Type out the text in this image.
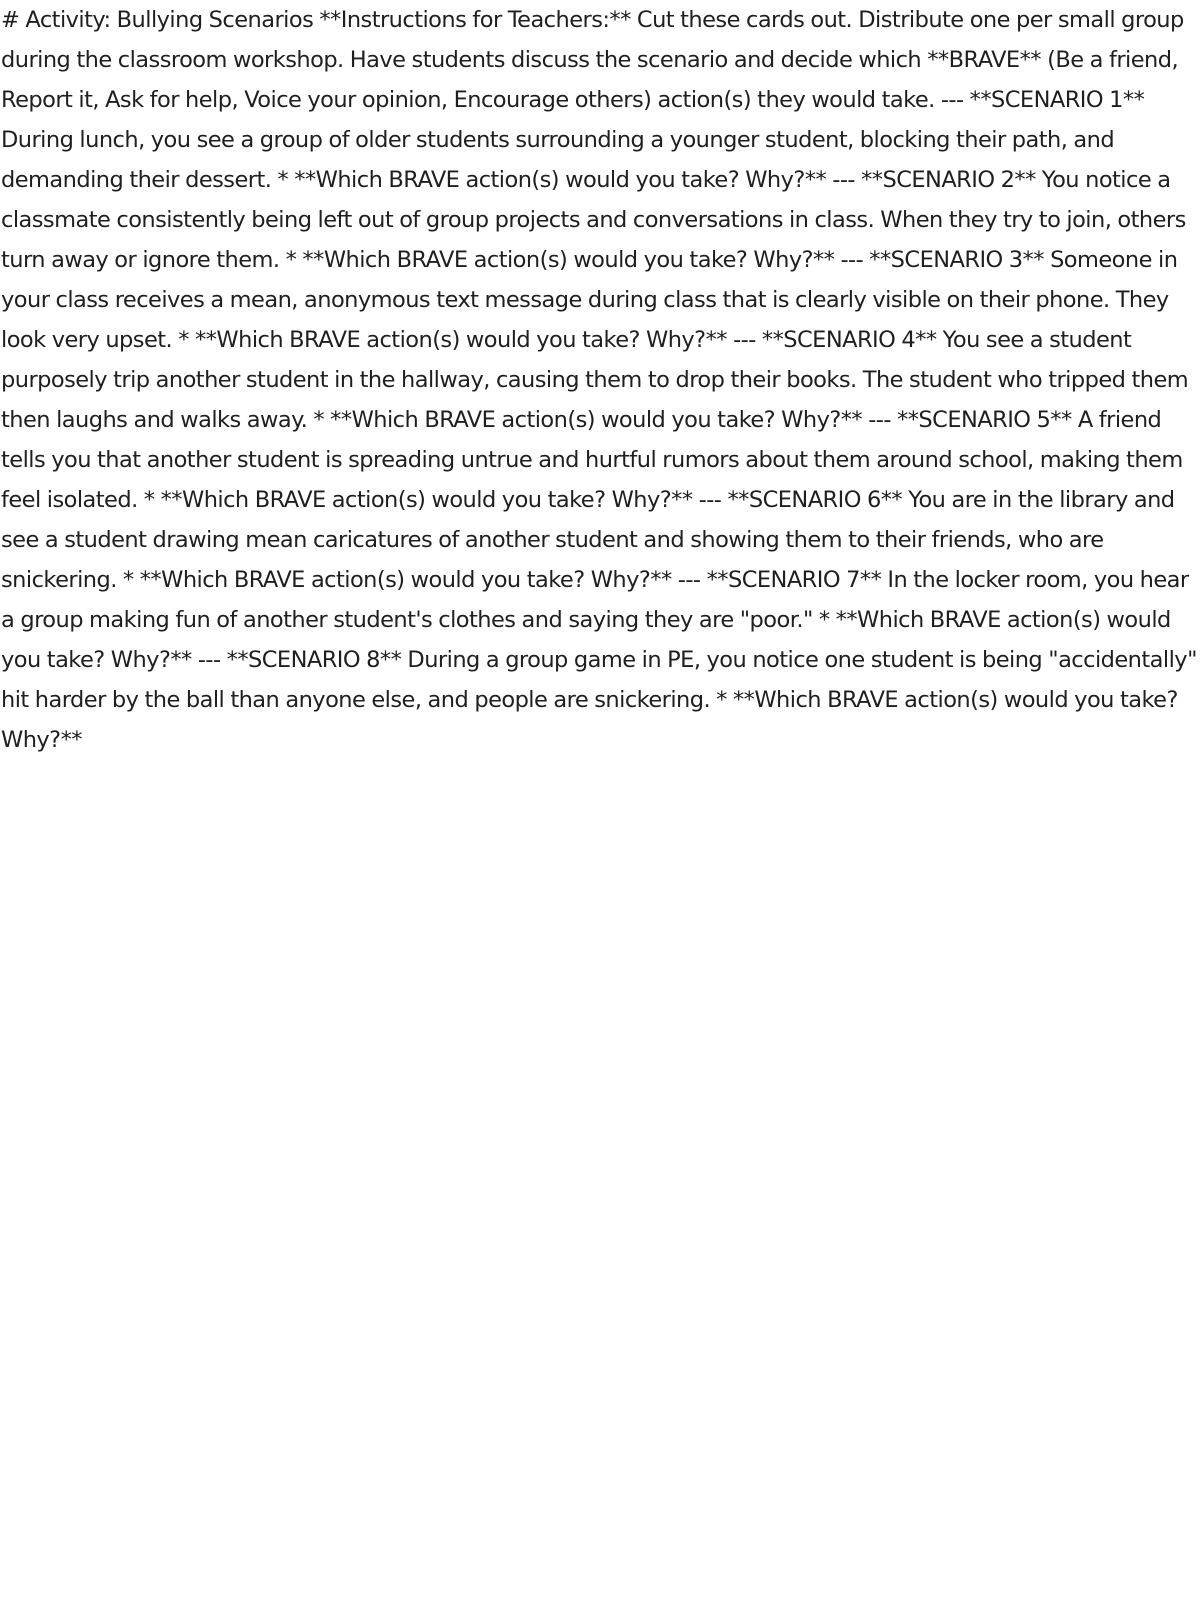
# Activity: Bullying Scenarios **Instructions for Teachers:** Cut these cards out. Distribute one per small group during the classroom workshop. Have students discuss the scenario and decide which **BRAVE** (Be a friend, Report it, Ask for help, Voice your opinion, Encourage others) action(s) they would take. --- **SCENARIO 1** During lunch, you see a group of older students surrounding a younger student, blocking their path, and demanding their dessert. * **Which BRAVE action(s) would you take? Why?** --- **SCENARIO 2** You notice a classmate consistently being left out of group projects and conversations in class. When they try to join, others turn away or ignore them. * **Which BRAVE action(s) would you take? Why?** --- **SCENARIO 3** Someone in your class receives a mean, anonymous text message during class that is clearly visible on their phone. They look very upset. * **Which BRAVE action(s) would you take? Why?** --- **SCENARIO 4** You see a student purposely trip another student in the hallway, causing them to drop their books. The student who tripped them then laughs and walks away. * **Which BRAVE action(s) would you take? Why?** --- **SCENARIO 5** A friend tells you that another student is spreading untrue and hurtful rumors about them around school, making them feel isolated. * **Which BRAVE action(s) would you take? Why?** --- **SCENARIO 6** You are in the library and see a student drawing mean caricatures of another student and showing them to their friends, who are snickering. * **Which BRAVE action(s) would you take? Why?** --- **SCENARIO 7** In the locker room, you hear a group making fun of another student's clothes and saying they are "poor." * **Which BRAVE action(s) would you take? Why?** --- **SCENARIO 8** During a group game in PE, you notice one student is being "accidentally" hit harder by the ball than anyone else, and people are snickering. * **Which BRAVE action(s) would you take? Why?**
